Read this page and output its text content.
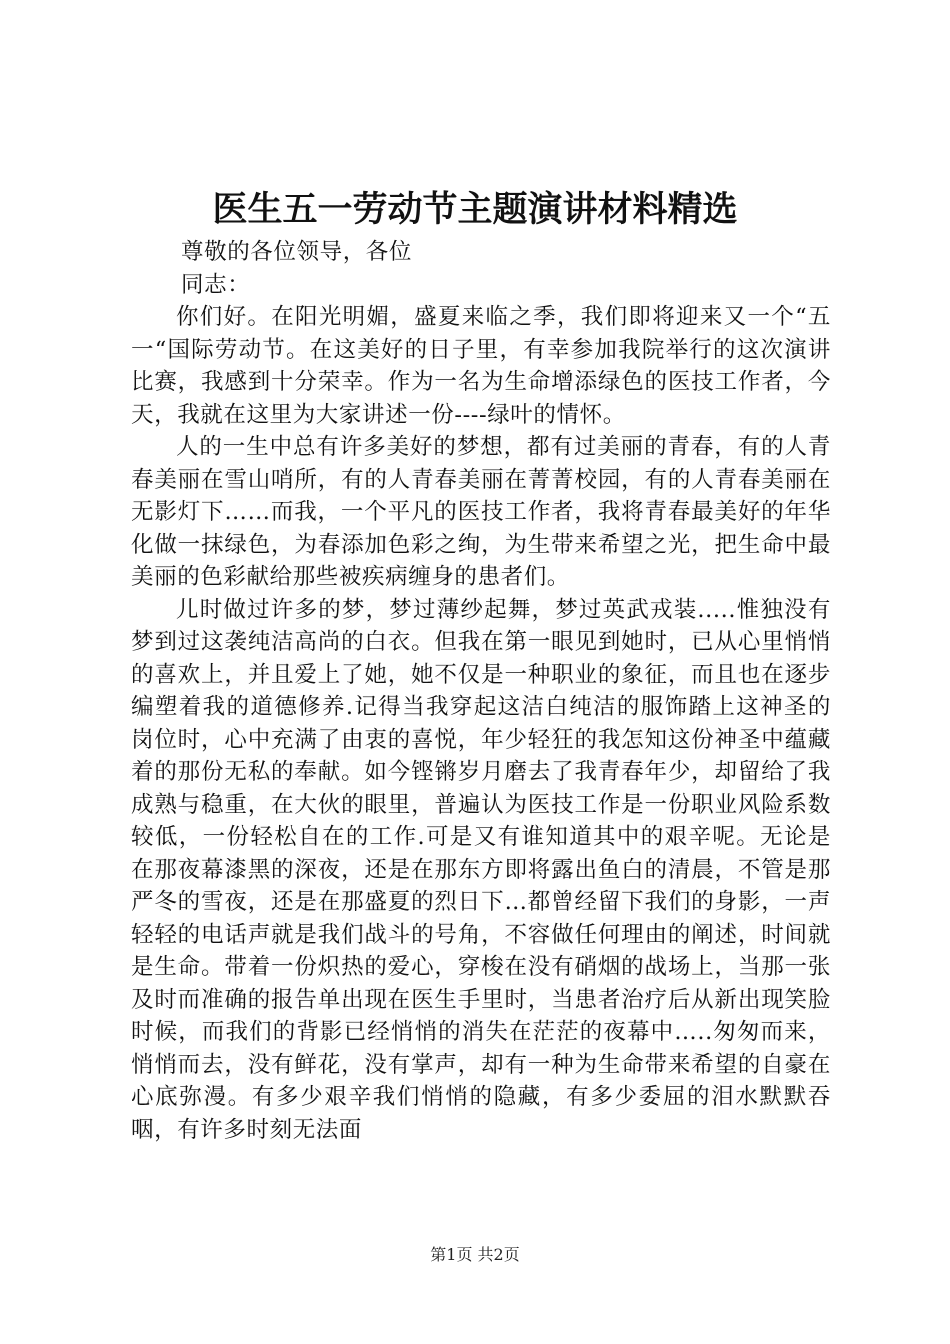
医生五一劳动节主题演讲材料精选

尊敬的各位领导，各位

同志：

你们好。在阳光明媚，盛夏来临之季，我们即将迎来又一个“五一“国际劳动节。在这美好的日子里，有幸参加我院举行的这次演讲比赛，我感到十分荣幸。作为一名为生命增添绿色的医技工作者，今天，我就在这里为大家讲述一份----绿叶的情怀。

人的一生中总有许多美好的梦想，都有过美丽的青春，有的人青春美丽在雪山哨所，有的人青春美丽在菁菁校园，有的人青春美丽在无影灯下……而我，一个平凡的医技工作者，我将青春最美好的年华化做一抹绿色，为春添加色彩之绚，为生带来希望之光，把生命中最美丽的色彩献给那些被疾病缠身的患者们。

儿时做过许多的梦，梦过薄纱起舞，梦过英武戎装.....惟独没有梦到过这袭纯洁高尚的白衣。但我在第一眼见到她时，已从心里悄悄的喜欢上，并且爱上了她，她不仅是一种职业的象征，而且也在逐步编塑着我的道德修养.记得当我穿起这洁白纯洁的服饰踏上这神圣的岗位时，心中充满了由衷的喜悦，年少轻狂的我怎知这份神圣中蕴藏着的那份无私的奉献。如今铿锵岁月磨去了我青春年少，却留给了我成熟与稳重，在大伙的眼里，普遍认为医技工作是一份职业风险系数较低，一份轻松自在的工作.可是又有谁知道其中的艰辛呢。无论是在那夜幕漆黑的深夜，还是在那东方即将露出鱼白的清晨，不管是那严冬的雪夜，还是在那盛夏的烈日下…都曾经留下我们的身影，一声轻轻的电话声就是我们战斗的号角，不容做任何理由的阐述，时间就是生命。带着一份炽热的爱心，穿梭在没有硝烟的战场上，当那一张及时而准确的报告单出现在医生手里时，当患者治疗后从新出现笑脸时候，而我们的背影已经悄悄的消失在茫茫的夜幕中…..匆匆而来，悄悄而去，没有鲜花，没有掌声，却有一种为生命带来希望的自豪在心底弥漫。有多少艰辛我们悄悄的隐藏，有多少委屈的泪水默默吞咽，有许多时刻无法面

第1页 共2页
